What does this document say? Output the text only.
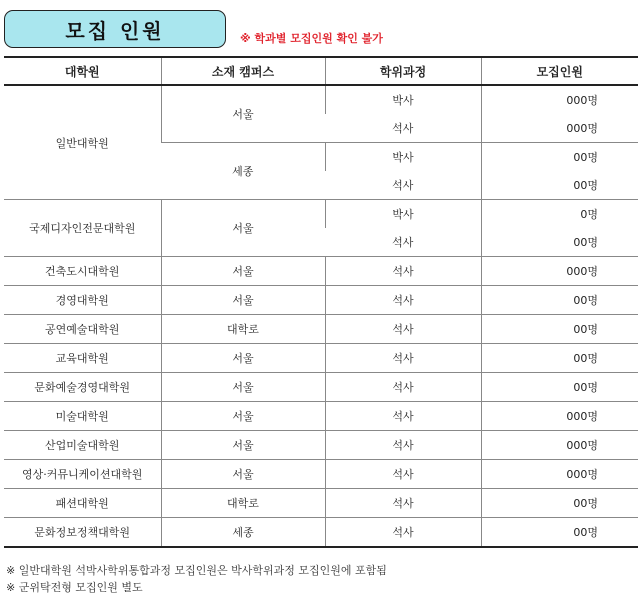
모집 인원	※ 학과별 모집인원 확인 불가
대학원	소재 캠퍼스	학위과정	모집인원
일반대학원	서울	박사	000명
		석사	000명
	세종	박사	00명
		석사	00명
국제디자인전문대학원	서울	박사	0명
		석사	00명
건축도시대학원	서울	석사	000명
경영대학원	서울	석사	00명
공연예술대학원	대학로	석사	00명
교육대학원	서울	석사	00명
문화예술경영대학원	서울	석사	00명
미술대학원	서울	석사	000명
산업미술대학원	서울	석사	000명
영상·커뮤니케이션대학원	서울	석사	000명
패션대학원	대학로	석사	00명
문화정보정책대학원	세종	석사	00명
※ 일반대학원 석박사학위통합과정 모집인원은 박사학위과정 모집인원에 포함됨
※ 군위탁전형 모집인원 별도
